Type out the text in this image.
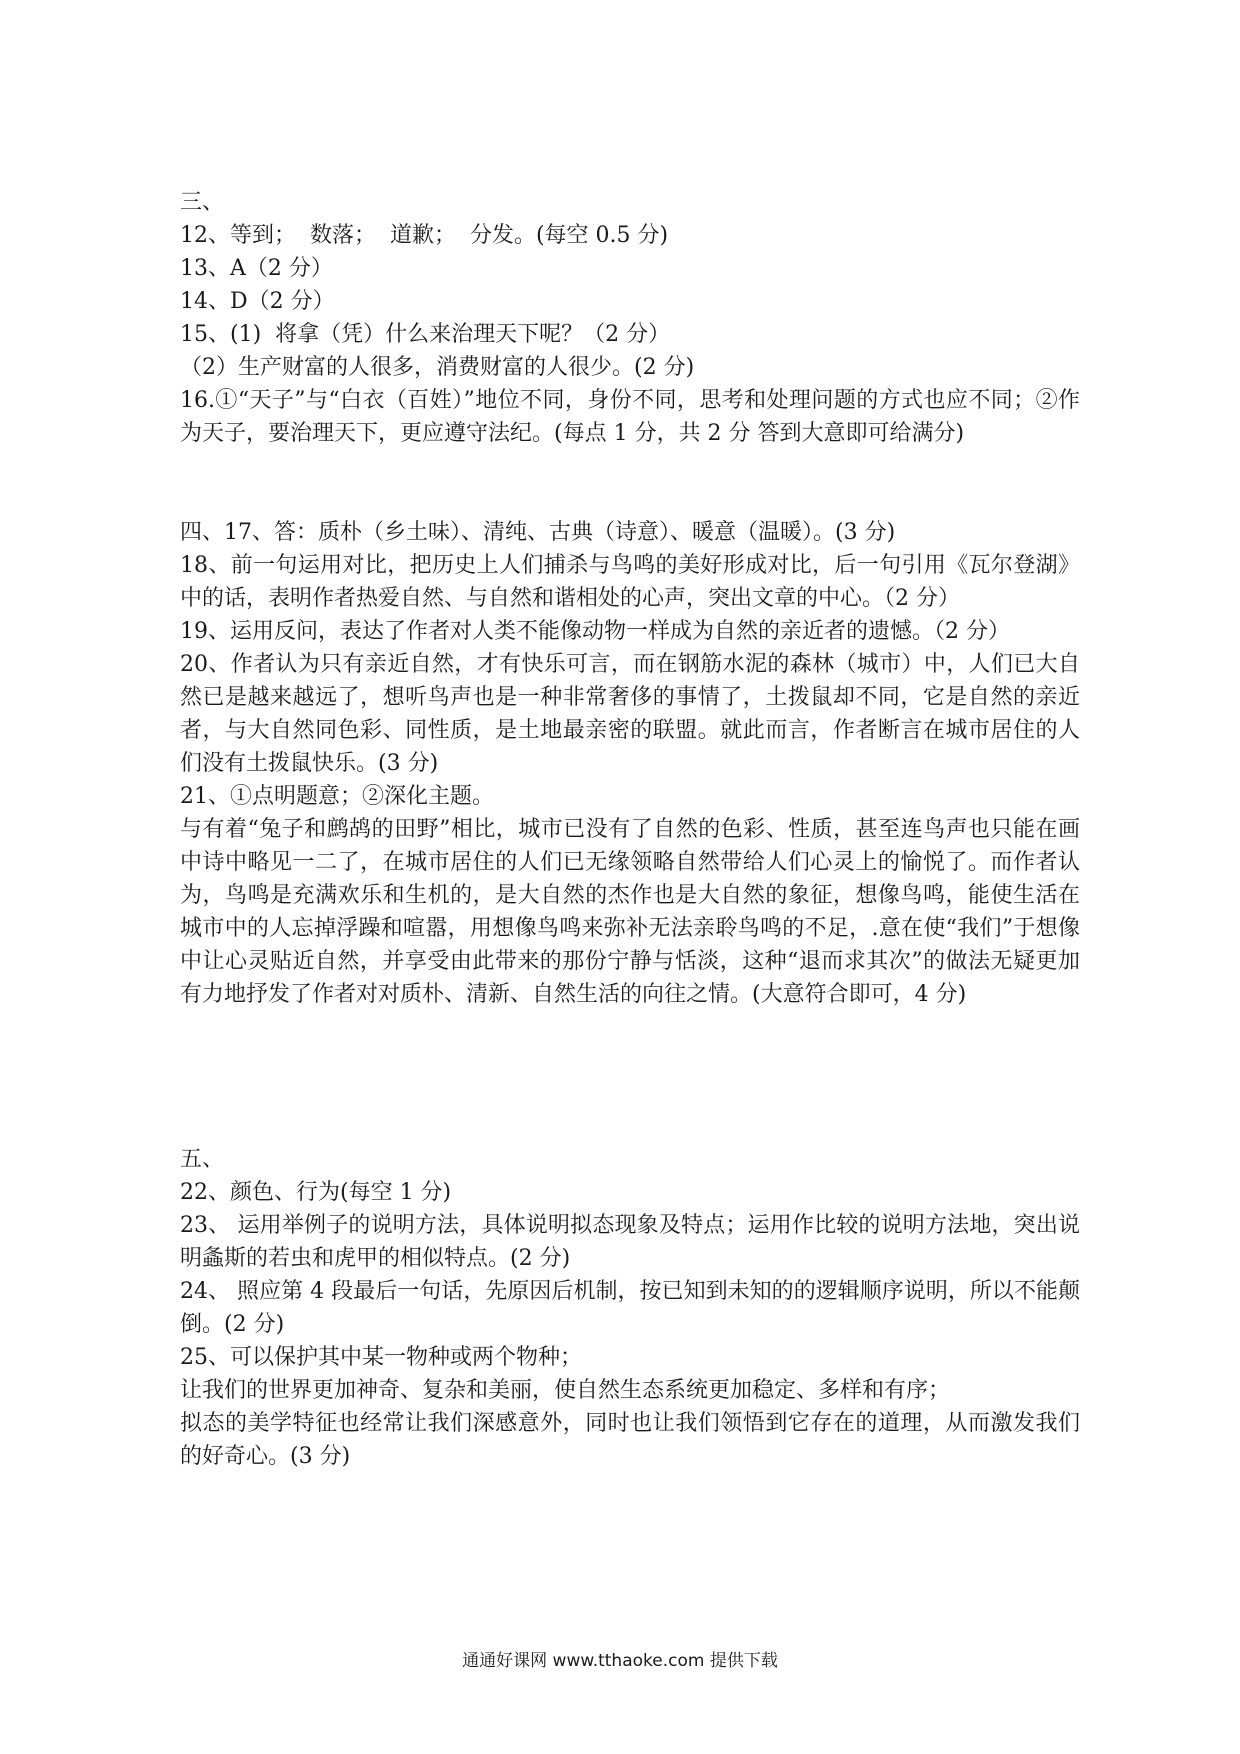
三、
12、等到；  数落；  道歉；  分发。(每空 0.5 分)
13、A（2 分）
14、D（2 分）
15、(1)  将拿（凭）什么来治理天下呢？（2 分）
（2）生产财富的人很多，消费财富的人很少。(2 分)
16.①“天子”与“白衣（百姓）”地位不同，身份不同，思考和处理问题的方式也应不同；②作为天子，要治理天下，更应遵守法纪。(每点 1 分，共 2 分 答到大意即可给满分)
四、17、答：质朴（乡土味）、清纯、古典（诗意）、暖意（温暖）。(3 分)
18、前一句运用对比，把历史上人们捕杀与鸟鸣的美好形成对比，后一句引用《瓦尔登湖》中的话，表明作者热爱自然、与自然和谐相处的心声，突出文章的中心。（2 分）
19、运用反问，表达了作者对人类不能像动物一样成为自然的亲近者的遗憾。（2 分）
20、作者认为只有亲近自然，才有快乐可言，而在钢筋水泥的森林（城市）中，人们已大自然已是越来越远了，想听鸟声也是一种非常奢侈的事情了，土拨鼠却不同，它是自然的亲近者，与大自然同色彩、同性质，是土地最亲密的联盟。就此而言，作者断言在城市居住的人们没有土拨鼠快乐。(3 分)
21、①点明题意；②深化主题。
与有着“兔子和鹧鸪的田野”相比，城市已没有了自然的色彩、性质，甚至连鸟声也只能在画中诗中略见一二了，在城市居住的人们已无缘领略自然带给人们心灵上的愉悦了。而作者认为，鸟鸣是充满欢乐和生机的，是大自然的杰作也是大自然的象征，想像鸟鸣，能使生活在城市中的人忘掉浮躁和喧嚣，用想像鸟鸣来弥补无法亲聆鸟鸣的不足，.意在使“我们”于想像中让心灵贴近自然，并享受由此带来的那份宁静与恬淡，这种“退而求其次”的做法无疑更加有力地抒发了作者对对质朴、清新、自然生活的向往之情。(大意符合即可，4 分)
五、
22、颜色、行为(每空 1 分)
23、 运用举例子的说明方法，具体说明拟态现象及特点；运用作比较的说明方法地，突出说明螽斯的若虫和虎甲的相似特点。(2 分)
24、 照应第 4 段最后一句话，先原因后机制，按已知到未知的的逻辑顺序说明，所以不能颠倒。(2 分)
25、可以保护其中某一物种或两个物种；
让我们的世界更加神奇、复杂和美丽，使自然生态系统更加稳定、多样和有序；
拟态的美学特征也经常让我们深感意外，同时也让我们领悟到它存在的道理，从而激发我们的好奇心。(3 分)
通通好课网 www.tthaoke.com 提供下载
